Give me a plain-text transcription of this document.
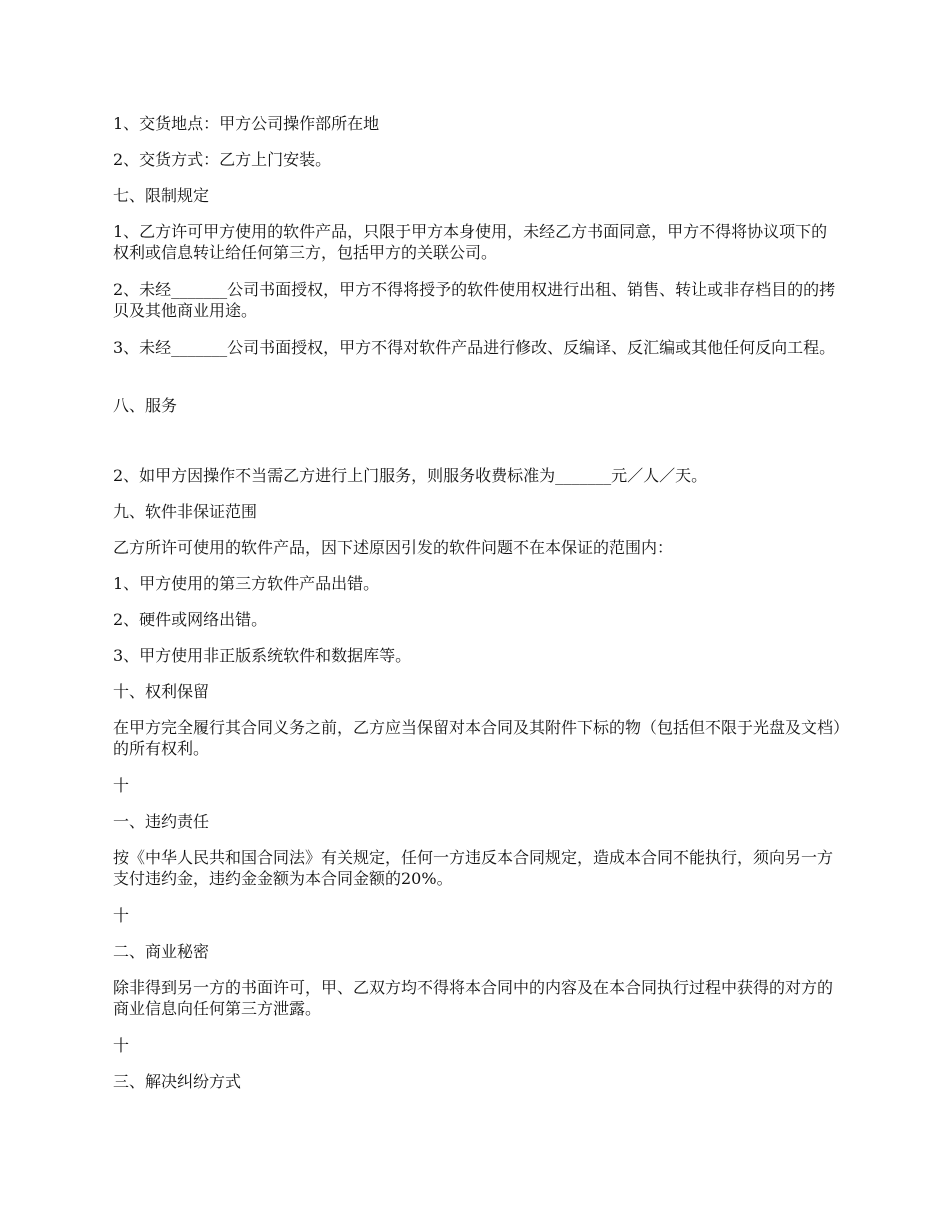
1、交货地点：甲方公司操作部所在地

2、交货方式：乙方上门安装。

七、限制规定

1、乙方许可甲方使用的软件产品，只限于甲方本身使用，未经乙方书面同意，甲方不得将协议项下的权利或信息转让给任何第三方，包括甲方的关联公司。

2、未经_______公司书面授权，甲方不得将授予的软件使用权进行出租、销售、转让或非存档目的的拷贝及其他商业用途。

3、未经_______公司书面授权，甲方不得对软件产品进行修改、反编译、反汇编或其他任何反向工程。

八、服务

2、如甲方因操作不当需乙方进行上门服务，则服务收费标准为_______元／人／天。

九、软件非保证范围

乙方所许可使用的软件产品，因下述原因引发的软件问题不在本保证的范围内：

1、甲方使用的第三方软件产品出错。

2、硬件或网络出错。

3、甲方使用非正版系统软件和数据库等。

十、权利保留

在甲方完全履行其合同义务之前，乙方应当保留对本合同及其附件下标的物（包括但不限于光盘及文档）的所有权利。

十

一、违约责任

按《中华人民共和国合同法》有关规定，任何一方违反本合同规定，造成本合同不能执行，须向另一方支付违约金，违约金金额为本合同金额的20%。

十

二、商业秘密

除非得到另一方的书面许可，甲、乙双方均不得将本合同中的内容及在本合同执行过程中获得的对方的商业信息向任何第三方泄露。

十

三、解决纠纷方式
